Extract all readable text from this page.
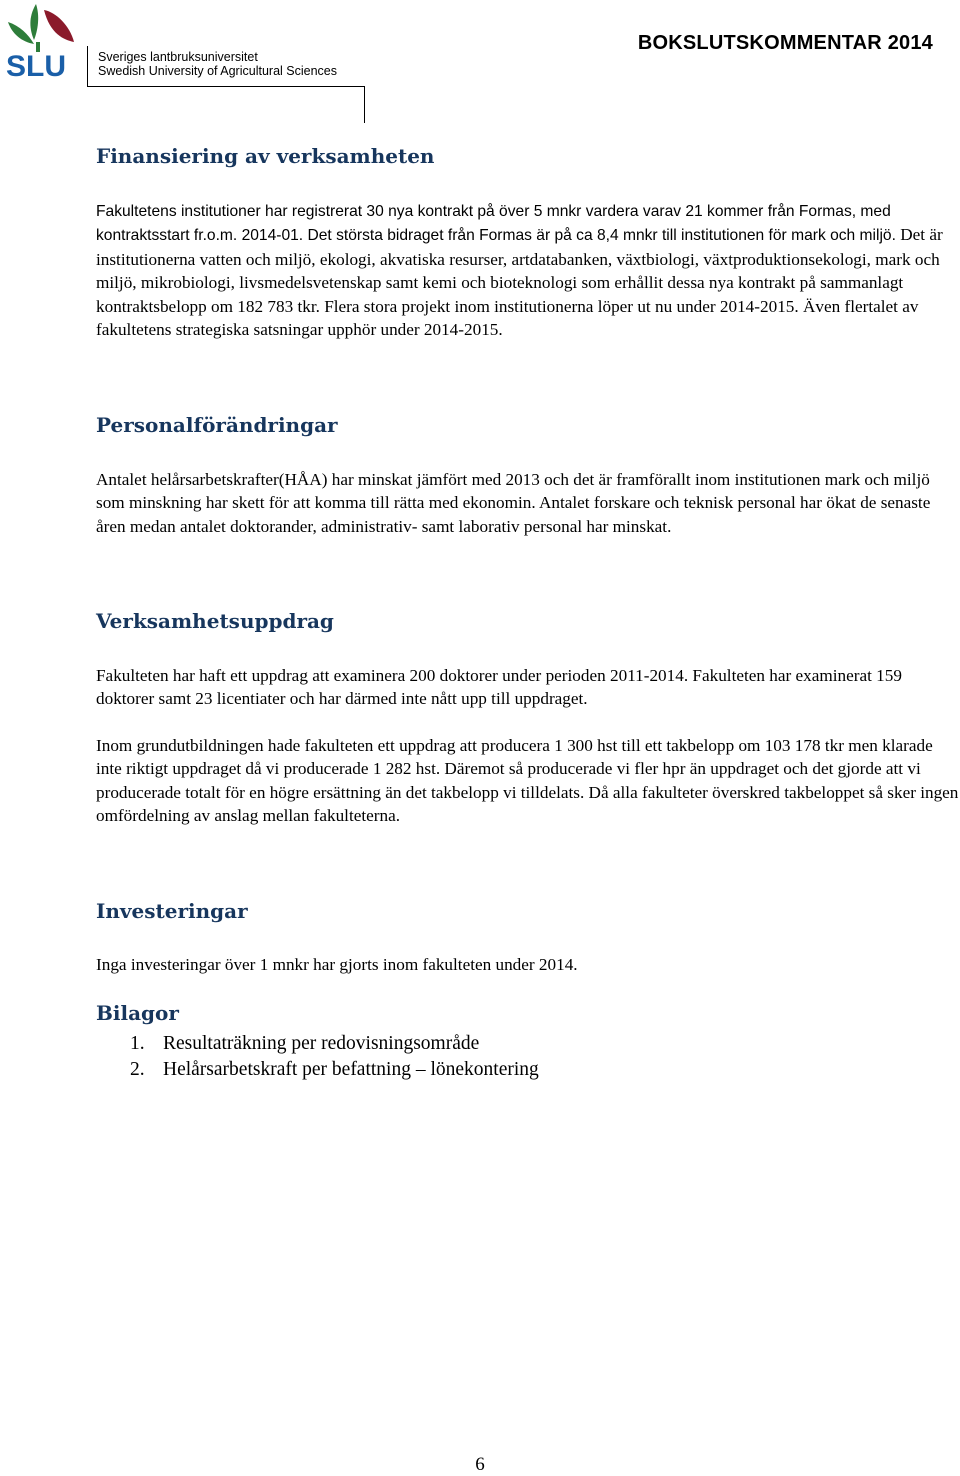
SLU	Sveriges lantbruksuniversitet
Swedish University of Agricultural Sciences
BOKSLUTSKOMMENTAR 2014
Finansiering av verksamheten

Fakultetens institutioner har registrerat 30 nya kontrakt på över 5 mnkr vardera varav 21 kommer från Formas, med kontraktsstart fr.o.m. 2014-01. Det största bidraget från Formas är på ca 8,4 mnkr till institutionen för mark och miljö. Det är institutionerna vatten och miljö, ekologi, akvatiska resurser, artdatabanken, växtbiologi, växtproduktionsekologi, mark och miljö, mikrobiologi, livsmedelsvetenskap samt kemi och bioteknologi som erhållit dessa nya kontrakt på sammanlagt kontraktsbelopp om 182 783 tkr. Flera stora projekt inom institutionerna löper ut nu under 2014-2015. Även flertalet av fakultetens strategiska satsningar upphör under 2014-2015.

Personalförändringar

Antalet helårsarbetskrafter(HÅA) har minskat jämfört med 2013 och det är framförallt inom institutionen mark och miljö som minskning har skett för att komma till rätta med ekonomin. Antalet forskare och teknisk personal har ökat de senaste åren medan antalet doktorander, administrativ- samt laborativ personal har minskat.

Verksamhetsuppdrag

Fakulteten har haft ett uppdrag att examinera 200 doktorer under perioden 2011-2014. Fakulteten har examinerat 159 doktorer samt 23 licentiater och har därmed inte nått upp till uppdraget.

Inom grundutbildningen hade fakulteten ett uppdrag att producera 1 300 hst till ett takbelopp om 103 178 tkr men klarade inte riktigt uppdraget då vi producerade 1 282 hst. Däremot så producerade vi fler hpr än uppdraget och det gjorde att vi producerade totalt för en högre ersättning än det takbelopp vi tilldelats. Då alla fakulteter överskred takbeloppet så sker ingen omfördelning av anslag mellan fakulteterna.

Investeringar

Inga investeringar över 1 mnkr har gjorts inom fakulteten under 2014.

Bilagor
1. Resultaträkning per redovisningsområde
2. Helårsarbetskraft per befattning – lönekontering
6
